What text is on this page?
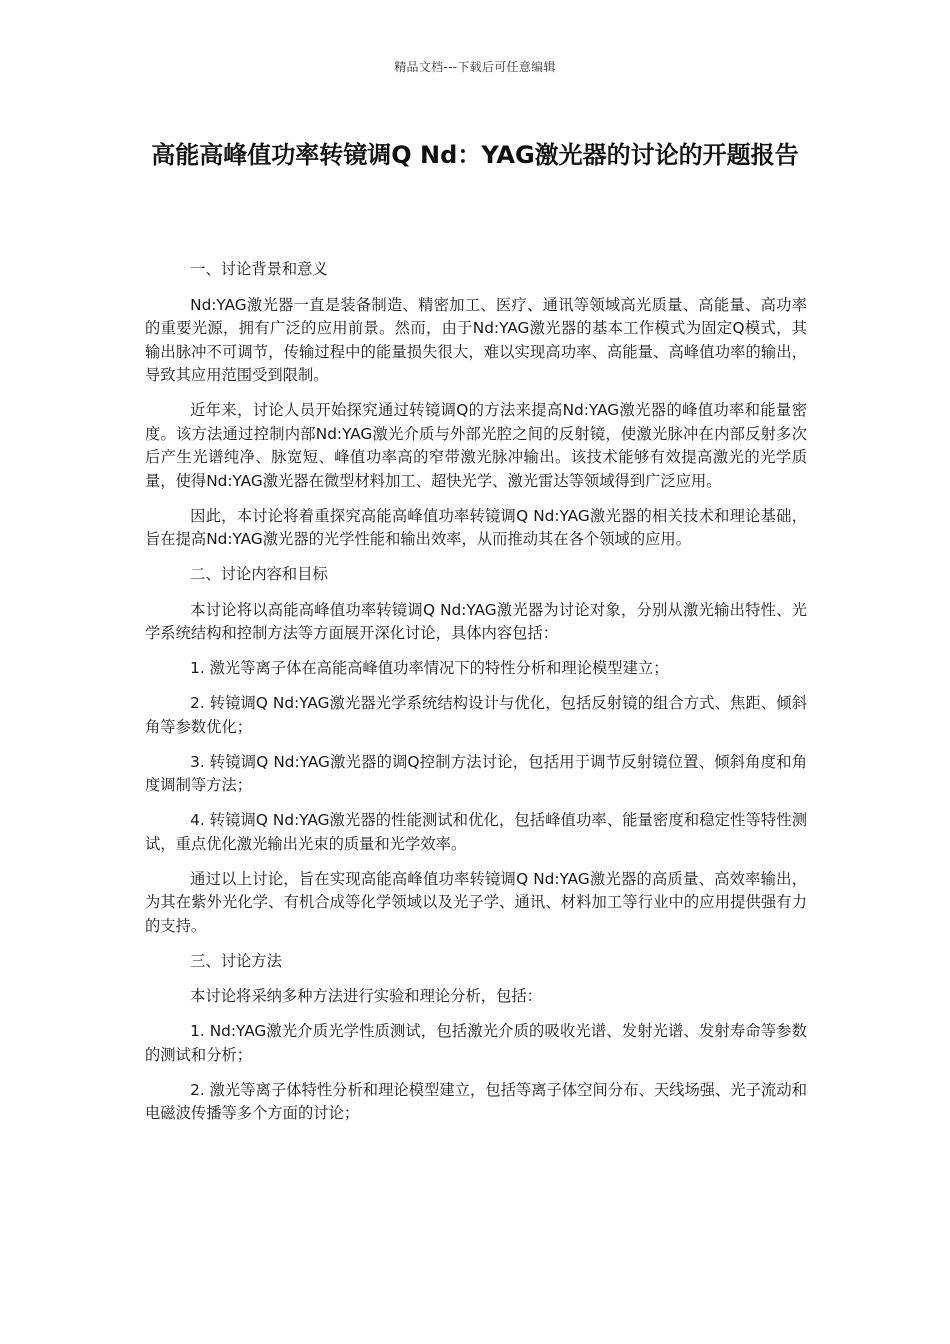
精品文档---下载后可任意编辑
高能高峰值功率转镜调Q Nd：YAG激光器的讨论的开题报告
一、讨论背景和意义

Nd:YAG激光器一直是装备制造、精密加工、医疗、通讯等领域高光质量、高能量、高功率的重要光源，拥有广泛的应用前景。然而，由于Nd:YAG激光器的基本工作模式为固定Q模式，其输出脉冲不可调节，传输过程中的能量损失很大，难以实现高功率、高能量、高峰值功率的输出，导致其应用范围受到限制。

近年来，讨论人员开始探究通过转镜调Q的方法来提高Nd:YAG激光器的峰值功率和能量密度。该方法通过控制内部Nd:YAG激光介质与外部光腔之间的反射镜，使激光脉冲在内部反射多次后产生光谱纯净、脉宽短、峰值功率高的窄带激光脉冲输出。该技术能够有效提高激光的光学质量，使得Nd:YAG激光器在微型材料加工、超快光学、激光雷达等领域得到广泛应用。

因此，本讨论将着重探究高能高峰值功率转镜调Q Nd:YAG激光器的相关技术和理论基础，旨在提高Nd:YAG激光器的光学性能和输出效率，从而推动其在各个领域的应用。

二、讨论内容和目标

本讨论将以高能高峰值功率转镜调Q Nd:YAG激光器为讨论对象，分别从激光输出特性、光学系统结构和控制方法等方面展开深化讨论，具体内容包括：

1. 激光等离子体在高能高峰值功率情况下的特性分析和理论模型建立；

2. 转镜调Q Nd:YAG激光器光学系统结构设计与优化，包括反射镜的组合方式、焦距、倾斜角等参数优化；

3. 转镜调Q Nd:YAG激光器的调Q控制方法讨论，包括用于调节反射镜位置、倾斜角度和角度调制等方法；

4. 转镜调Q Nd:YAG激光器的性能测试和优化，包括峰值功率、能量密度和稳定性等特性测试，重点优化激光输出光束的质量和光学效率。

通过以上讨论，旨在实现高能高峰值功率转镜调Q Nd:YAG激光器的高质量、高效率输出，为其在紫外光化学、有机合成等化学领域以及光子学、通讯、材料加工等行业中的应用提供强有力的支持。

三、讨论方法

本讨论将采纳多种方法进行实验和理论分析，包括：

1. Nd:YAG激光介质光学性质测试，包括激光介质的吸收光谱、发射光谱、发射寿命等参数的测试和分析；

2. 激光等离子体特性分析和理论模型建立，包括等离子体空间分布、天线场强、光子流动和电磁波传播等多个方面的讨论；
